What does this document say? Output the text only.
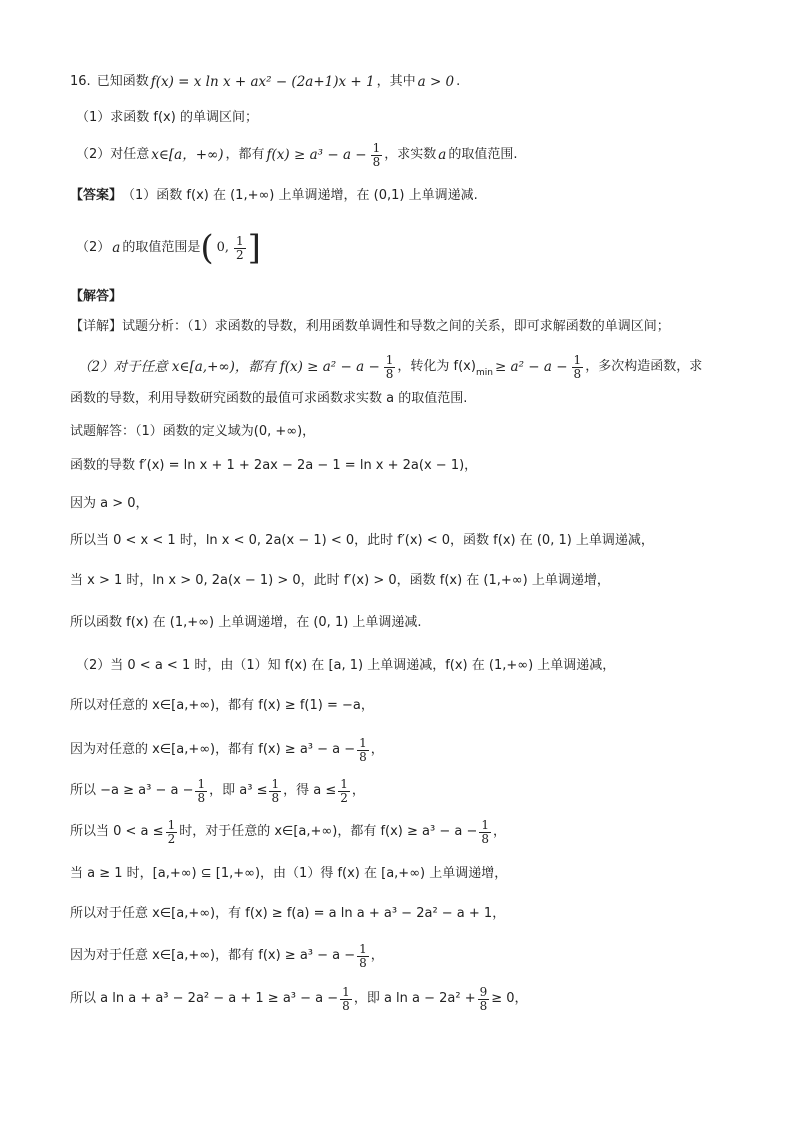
16. 已知函数 f(x) = x ln x + ax² − (2a+1)x + 1 ，其中 a > 0 .
（1）求函数 f(x) 的单调区间；
（2）对任意 x∈[a，+∞) ，都有 $f(x) \ge a^3 - a - \frac{1}{8}$ ，求实数 a 的取值范围.
【答案】 （1）函数 f(x) 在 (1,+∞) 上单调递增，在 (0,1) 上单调递减.
（2） a 的取值范围是 ( 0, $\frac{1}{2}$ ]
【解答】
【详解】试题分析：（1）求函数的导数，利用函数单调性和导数之间的关系，即可求解函数的单调区间；
（2）对于任意 x∈[a,+∞)，都有 $f(x) \ge a^2 - a - \frac{1}{8}$ ，转化为 f(x) $\min \ge a^2 - a - \frac{1}{8}$ ，多次构造函数，求
函数的导数，利用导数研究函数的最值可求函数求实数 a 的取值范围.
试题解答：（1）函数的定义域为(0, +∞)，
函数的导数 f′(x) = ln x + 1 + 2ax − 2a − 1 = ln x + 2a(x − 1)，
因为 a > 0，
所以当 0 < x < 1 时，ln x < 0, 2a(x − 1) < 0，此时 f′(x) < 0，函数 f(x) 在 (0, 1) 上单调递减，
当 x > 1 时，ln x > 0, 2a(x − 1) > 0，此时 f′(x) > 0，函数 f(x) 在 (1,+∞) 上单调递增，
所以函数 f(x) 在 (1,+∞) 上单调递增，在 (0, 1) 上单调递减.
（2）当 0 < a < 1 时，由（1）知 f(x) 在 [a, 1) 上单调递减，f(x) 在 (1,+∞) 上单调递减，
所以对任意的 x∈[a,+∞)，都有 f(x) ≥ f(1) = −a，
因为对任意的 x∈[a,+∞)，都有 $f(x) \ge a^3 - a - \frac{1}{8}$ ，
所以 $-a \ge a^3 - a - \frac{1}{8}$ ，即 $a^3 \le \frac{1}{8}$ ，得 $a \le \frac{1}{2}$ ，
所以当 $0 < a \le \frac{1}{2}$ 时，对于任意的 x∈[a,+∞)，都有 $f(x) \ge a^3 - a - \frac{1}{8}$ ，
当 a ≥ 1 时，[a,+∞) ⊆ [1,+∞)，由（1）得 f(x) 在 [a,+∞) 上单调递增，
所以对于任意 x∈[a,+∞)，有 f(x) ≥ f(a) = a ln a + a³ − 2a² − a + 1，
因为对于任意 x∈[a,+∞)，都有 $f(x) \ge a^3 - a - \frac{1}{8}$ ，
所以 a $\ln a + a^3 - 2a^2 - a + 1 \ge a^3 - a - \frac{1}{8}$ ，即 a $\ln a - 2a^2 + \frac{9}{8} \ge 0$，
